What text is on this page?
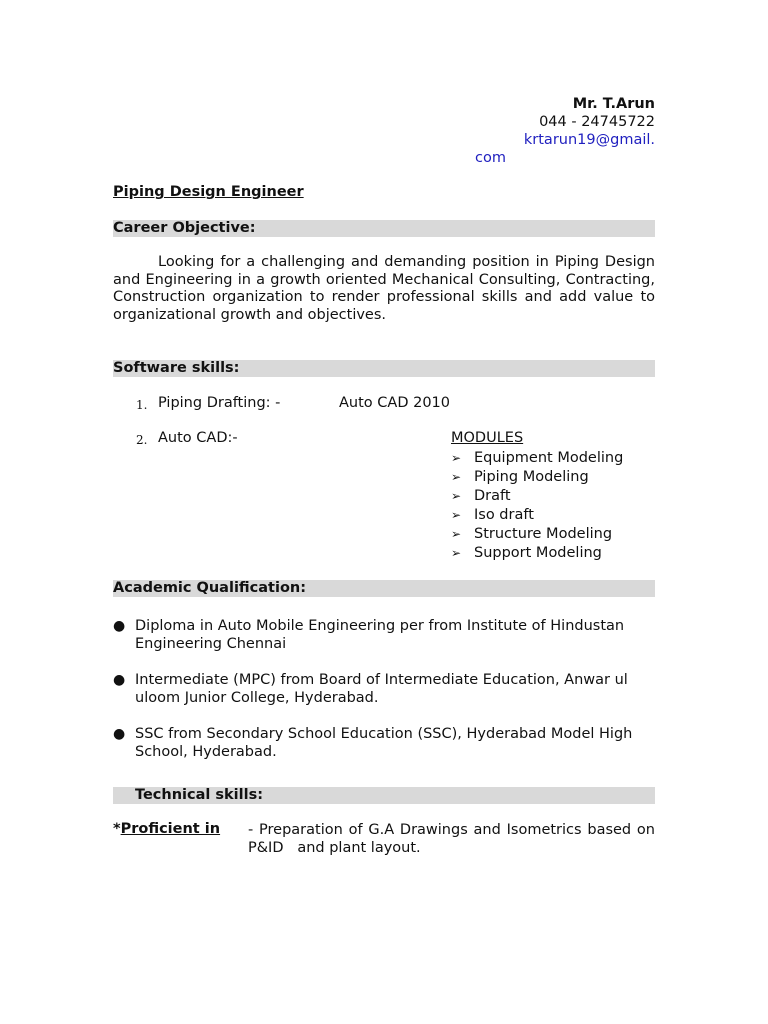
Mr. T.Arun
044 - 24745722
krtarun19@gmail.
com
Piping Design Engineer
Career Objective:
Looking for a challenging and demanding position in Piping Design and Engineering in a growth oriented Mechanical Consulting, Contracting, Construction organization to render professional skills and add value to organizational growth and objectives.
Software skills:
1. Piping Drafting: -	Auto CAD 2010
2. Auto CAD:-	MODULES
➢ Equipment Modeling
➢ Piping Modeling
➢ Draft
➢ Iso draft
➢ Structure Modeling
➢ Support Modeling
Academic Qualification:
● Diploma in Auto Mobile Engineering per from Institute of Hindustan Engineering Chennai
● Intermediate (MPC) from Board of Intermediate Education, Anwar ul uloom Junior College, Hyderabad.
● SSC from Secondary School Education (SSC), Hyderabad Model High School, Hyderabad.
Technical skills:
*Proficient in - Preparation of G.A Drawings and Isometrics based on P&ID   and plant layout.
